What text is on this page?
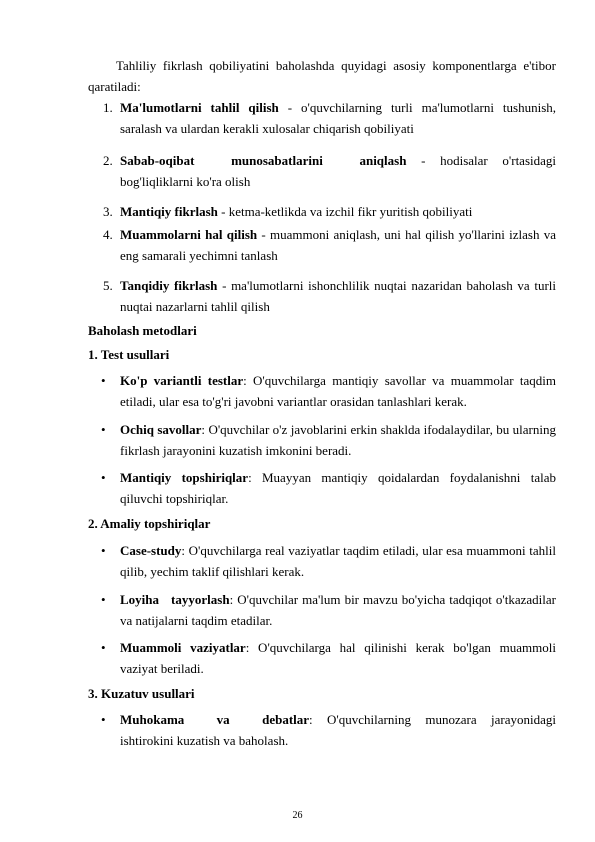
Tahliliy fikrlash qobiliyatini baholashda quyidagi asosiy komponentlarga e'tibor qaratiladi:
1. Ma'lumotlarni tahlil qilish - o'quvchilarning turli ma'lumotlarni tushunish, saralash va ulardan kerakli xulosalar chiqarish qobiliyati
2. Sabab-oqibat munosabatlarini aniqlash - hodisalar o'rtasidagi bog'liqliklarni ko'ra olish
3. Mantiqiy fikrlash - ketma-ketlikda va izchil fikr yuritish qobiliyati
4. Muammolarni hal qilish - muammoni aniqlash, uni hal qilish yo'llarini izlash va eng samarali yechimni tanlash
5. Tanqidiy fikrlash - ma'lumotlarni ishonchlilik nuqtai nazaridan baholash va turli nuqtai nazarlarni tahlil qilish
Baholash metodlari
1. Test usullari
• Ko'p variantli testlar: O'quvchilarga mantiqiy savollar va muammolar taqdim etiladi, ular esa to'g'ri javobni variantlar orasidan tanlashlari kerak.
• Ochiq savollar: O'quvchilar o'z javoblarini erkin shaklda ifodalaydilar, bu ularning fikrlash jarayonini kuzatish imkonini beradi.
• Mantiqiy topshiriqlar: Muayyan mantiqiy qoidalardan foydalanishni talab qiluvchi topshiriqlar.
2. Amaliy topshiriqlar
• Case-study: O'quvchilarga real vaziyatlar taqdim etiladi, ular esa muammoni tahlil qilib, yechim taklif qilishlari kerak.
• Loyiha tayyorlash: O'quvchilar ma'lum bir mavzu bo'yicha tadqiqot o'tkazadilar va natijalarni taqdim etadilar.
• Muammoli vaziyatlar: O'quvchilarga hal qilinishi kerak bo'lgan muammoli vaziyat beriladi.
3. Kuzatuv usullari
• Muhokama va debatlar: O'quvchilarning munozara jarayonidagi ishtirokini kuzatish va baholash.
26
